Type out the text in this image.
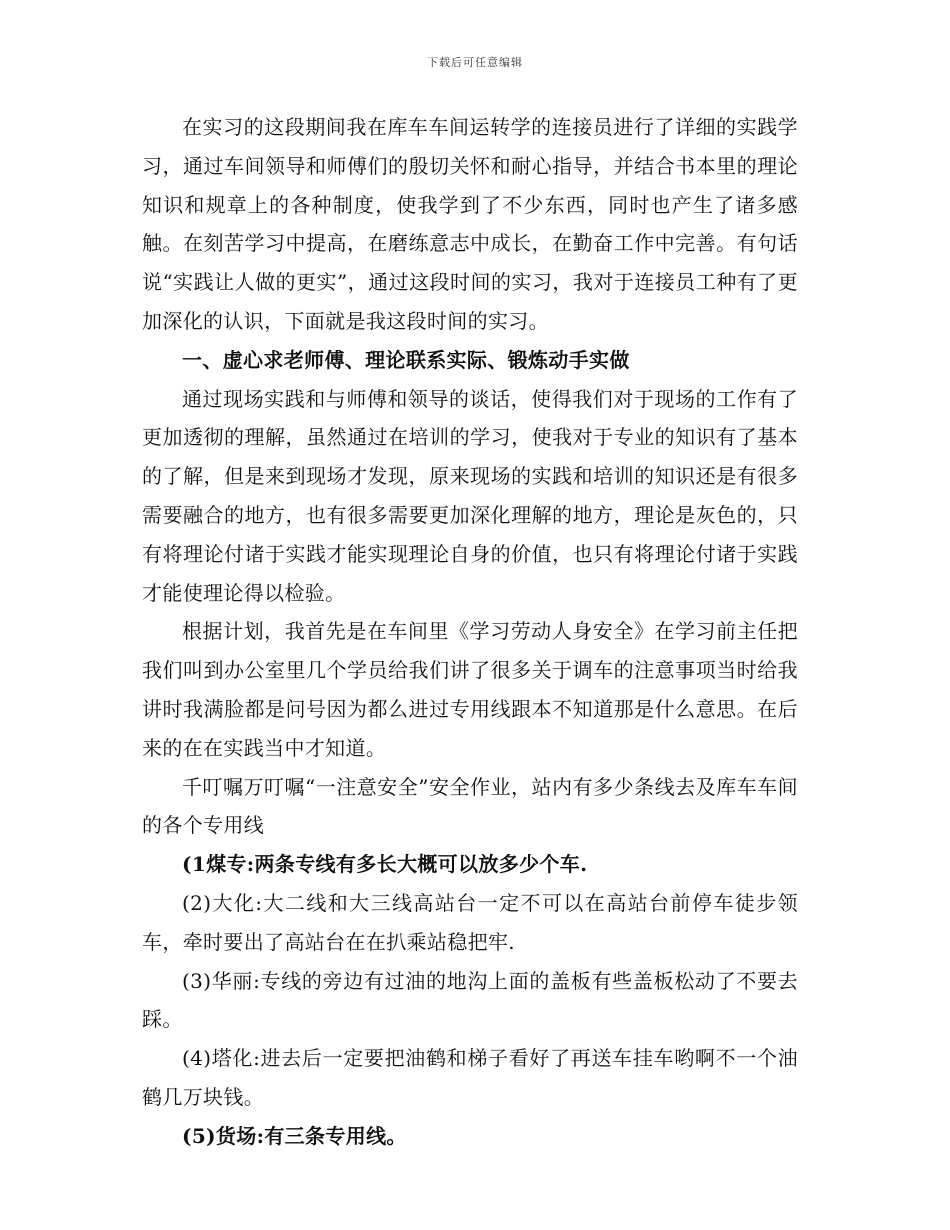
下载后可任意编辑

在实习的这段期间我在库车车间运转学的连接员进行了详细的实践学习，通过车间领导和师傅们的殷切关怀和耐心指导，并结合书本里的理论知识和规章上的各种制度，使我学到了不少东西，同时也产生了诸多感触。在刻苦学习中提高，在磨练意志中成长，在勤奋工作中完善。有句话说“实践让人做的更实”，通过这段时间的实习，我对于连接员工种有了更加深化的认识，下面就是我这段时间的实习。

一、虚心求老师傅、理论联系实际、锻炼动手实做

通过现场实践和与师傅和领导的谈话，使得我们对于现场的工作有了更加透彻的理解，虽然通过在培训的学习，使我对于专业的知识有了基本的了解，但是来到现场才发现，原来现场的实践和培训的知识还是有很多需要融合的地方，也有很多需要更加深化理解的地方，理论是灰色的，只有将理论付诸于实践才能实现理论自身的价值，也只有将理论付诸于实践才能使理论得以检验。

根据计划，我首先是在车间里《学习劳动人身安全》在学习前主任把我们叫到办公室里几个学员给我们讲了很多关于调车的注意事项当时给我讲时我满脸都是问号因为都么进过专用线跟本不知道那是什么意思。在后来的在在实践当中才知道。

千叮嘱万叮嘱“一注意安全”安全作业，站内有多少条线去及库车车间的各个专用线

(1煤专:两条专线有多长大概可以放多少个车.

(2)大化:大二线和大三线高站台一定不可以在高站台前停车徒步领车，牵时要出了高站台在在扒乘站稳把牢.

(3)华丽:专线的旁边有过油的地沟上面的盖板有些盖板松动了不要去踩。

(4)塔化:进去后一定要把油鹤和梯子看好了再送车挂车哟啊不一个油鹤几万块钱。

(5)货场:有三条专用线。
